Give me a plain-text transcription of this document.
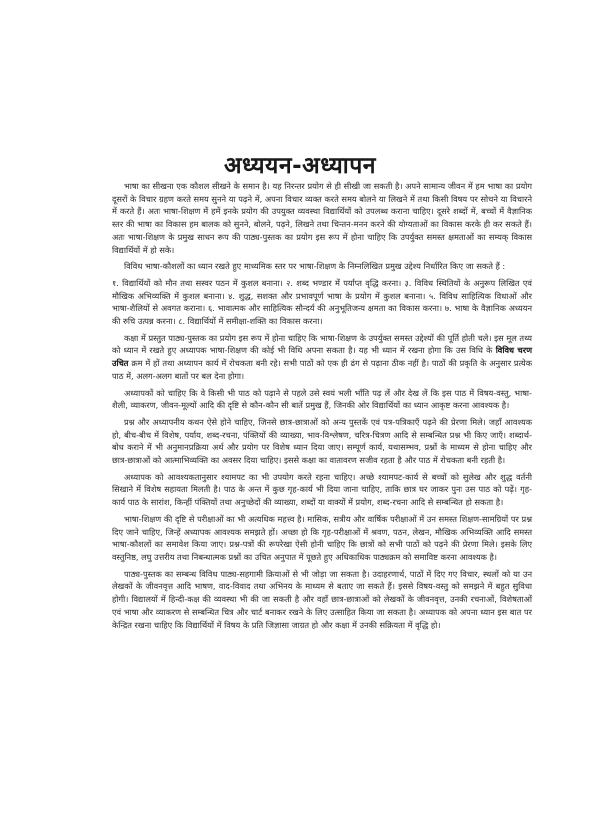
अध्ययन-अध्यापन

भाषा का सीखना एक कौशल सीखने के समान है। यह निरन्तर प्रयोग से ही सीखी जा सकती है। अपने सामान्य जीवन में हम भाषा का प्रयोग दूसरों के विचार ग्रहण करते समय सुनने या पढ़ने में, अपना विचार व्यक्त करते समय बोलने या लिखने में तथा किसी विषय पर सोचने या विचारने में करते हैं। अतः भाषा-शिक्षण में हमें इनके प्रयोग की उपयुक्त व्यवस्था विद्यार्थियों को उपलब्ध कराना चाहिए। दूसरे शब्दों में, बच्चों में वैज्ञानिक स्तर की भाषा का विकास हम बालक को सुनने, बोलने, पढ़ने, लिखने तथा चिन्तन-मनन करने की योग्यताओं का विकास करके ही कर सकते हैं। अतः भाषा-शिक्षण के प्रमुख साधन रूप की पाठ्य-पुस्तक का प्रयोग इस रूप में होना चाहिए कि उपर्युक्त समस्त क्षमताओं का सम्यक् विकास विद्यार्थियों में हो सके।

विविध भाषा-कौशलों का ध्यान रखते हुए माध्यमिक स्तर पर भाषा-शिक्षण के निम्नलिखित प्रमुख उद्देश्य निर्धारित किए जा सकते हैं :

१. विद्यार्थियों को मौन तथा सस्वर पठन में कुशल बनाना। २. शब्द भण्डार में पर्याप्त वृद्धि करना। ३. विविध स्थितियों के अनुरूप लिखित एवं मौखिक अभिव्यक्ति में कुशल बनाना। ४. शुद्ध, सशक्त और प्रभावपूर्ण भाषा के प्रयोग में कुशल बनाना। ५. विविध साहित्यिक विधाओं और भाषा-शैलियों से अवगत कराना। ६. भावात्मक और साहित्यिक सौन्दर्य की अनुभूतिजन्य क्षमता का विकास करना। ७. भाषा के वैज्ञानिक अध्ययन की रुचि उत्पन्न करना। ८. विद्यार्थियों में समीक्षा-शक्ति का विकास करना।

कक्षा में प्रस्तुत पाठ्य-पुस्तक का प्रयोग इस रूप में होना चाहिए कि भाषा-शिक्षण के उपर्युक्त समस्त उद्देश्यों की पूर्ति होती चले। इस मूल तथ्य को ध्यान में रखते हुए अध्यापक भाषा-शिक्षण की कोई भी विधि अपना सकता है। यह भी ध्यान में रखना होगा कि उस विधि के विविध चरण उचित क्रम में हों तथा अध्यापन कार्य में रोचकता बनी रहे। सभी पाठों को एक ही ढंग से पढ़ाना ठीक नहीं है। पाठों की प्रकृति के अनुसार प्रत्येक पाठ में, अलग-अलग बातों पर बल देना होगा।

अध्यापकों को चाहिए कि वे किसी भी पाठ को पढ़ाने से पहले उसे स्वयं भली भाँति पढ़ लें और देख लें कि इस पाठ में विषय-वस्तु, भाषा-शैली, व्याकरण, जीवन-मूल्यों आदि की दृष्टि से कौन-कौन सी बातें प्रमुख हैं, जिनकी ओर विद्यार्थियों का ध्यान आकृष्ट करना आवश्यक है।

प्रश्न और अध्यापनीय कथन ऐसे होने चाहिए, जिनसे छात्र-छात्राओं को अन्य पुस्तकें एवं पत्र-पत्रिकाएँ पढ़ने की प्रेरणा मिले। जहाँ आवश्यक हो, बीच-बीच में विशेष, पर्याय, शब्द-रचना, पंक्तियों की व्याख्या, भाव-विश्लेषण, चरित्र-चित्रण आदि से सम्बन्धित प्रश्न भी किए जाएँ। शब्दार्थ-बोध कराने में भी अनुमानप्रक्रिया अर्थ और प्रयोग पर विशेष ध्यान दिया जाए। सम्पूर्ण कार्य, यथासम्भव, प्रश्नों के माध्यम से होना चाहिए और छात्र-छात्राओं को आत्माभिव्यक्ति का अवसर दिया चाहिए। इससे कक्षा का वातावरण सजीव रहता है और पाठ में रोचकता बनी रहती है।

अध्यापक को आवश्यकतानुसार श्यामपट का भी उपयोग करते रहना चाहिए। अच्छे श्यामपट-कार्य से बच्चों को सुलेख और शुद्ध वर्तनी सिखाने में विशेष सहायता मिलती है। पाठ के अन्त में कुछ गृह-कार्य भी दिया जाना चाहिए, ताकि छात्र घर जाकर पुनः उस पाठ को पढ़ें। गृह-कार्य पाठ के सारांश, किन्हीं पंक्तियों तथा अनुच्छेदों की व्याख्या, शब्दों या वाक्यों में प्रयोग, शब्द-रचना आदि से सम्बन्धित हो सकता है।

भाषा-शिक्षण की दृष्टि से परीक्षाओं का भी अत्यधिक महत्त्व है। मासिक, सत्रीय और वार्षिक परीक्षाओं में उन समस्त शिक्षण-सामग्रियों पर प्रश्न दिए जाने चाहिए, जिन्हें अध्यापक आवश्यक समझते हों। अच्छा हो कि गृह-परीक्षाओं में श्रवण, पठन, लेखन, मौखिक अभिव्यक्ति आदि समस्त भाषा-कौशलों का समावेश किया जाए। प्रश्न-पत्रों की रूपरेखा ऐसी होनी चाहिए कि छात्रों को सभी पाठों को पढ़ने की प्रेरणा मिले। इसके लिए वस्तुनिष्ठ, लघु उत्तरीय तथा निबन्धात्मक प्रश्नों का उचित अनुपात में पूछते हुए अधिकाधिक पाठ्यक्रम को समाविष्ट करना आवश्यक है।

पाठ्य-पुस्तक का सम्बन्ध विविध पाठ्य-सहगामी क्रियाओं से भी जोड़ा जा सकता है। उदाहरणार्थ, पाठों में दिए गए विचार, स्थलों को या उन लेखकों के जीवनवृत्त आदि भाषण, वाद-विवाद तथा अभिनय के माध्यम से बताए जा सकते हैं। इससे विषय-वस्तु को समझने में बहुत सुविधा होगी। विद्यालयों में हिन्दी-कक्ष की व्यवस्था भी की जा सकती है और वहाँ छात्र-छात्राओं को लेखकों के जीवनवृत्त, उनकी रचनाओं, विशेषताओं एवं भाषा और व्याकरण से सम्बन्धित चित्र और चार्ट बनाकर रखने के लिए उत्साहित किया जा सकता है। अध्यापक को अपना ध्यान इस बात पर केन्द्रित रखना चाहिए कि विद्यार्थियों में विषय के प्रति जिज्ञासा जाग्रत हो और कक्षा में उनकी सक्रियता में वृद्धि हो।
